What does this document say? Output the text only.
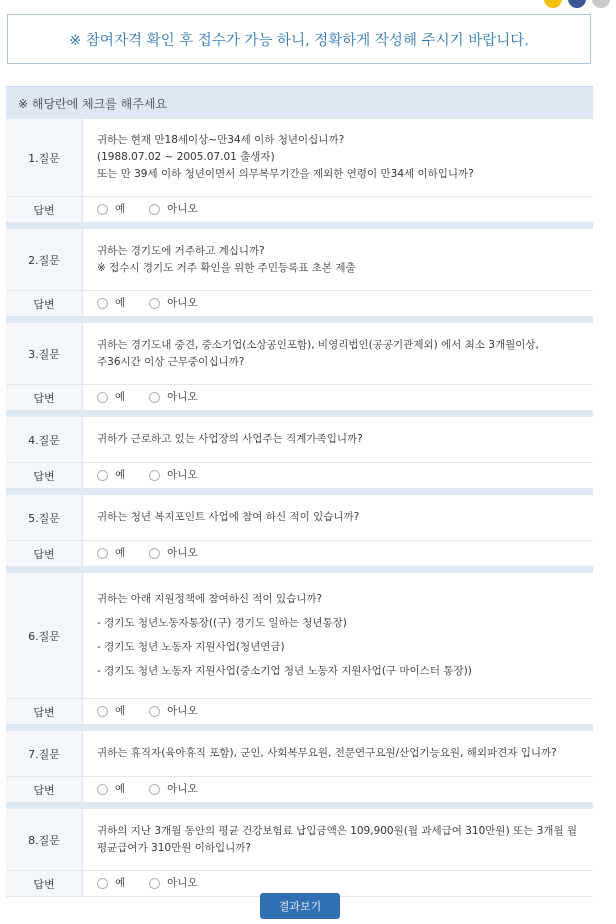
※ 참여자격 확인 후 접수가 가능 하니, 정확하게 작성해 주시기 바랍니다.
※ 해당란에 체크를 해주세요
1.질문

귀하는 현재 만18세이상~만34세 이하 청년이십니까?

(1988.07.02 ~ 2005.07.01 출생자)

또는 만 39세 이하 청년이면서 의무복무기간을 제외한 연령이 만34세 이하입니까?

답변	예	아니오
2.질문

귀하는 경기도에 거주하고 계십니까?

※ 접수시 경기도 거주 확인을 위한 주민등록표 초본 제출

답변	예	아니오
3.질문

귀하는 경기도내 중견, 중소기업(소상공인포함), 비영리법인(공공기관제외) 에서 최소 3개월이상,

주36시간 이상 근무중이십니까?

답변	예	아니오
4.질문	귀하가 근로하고 있는 사업장의 사업주는 직계가족입니까?

답변	예	아니오
5.질문	귀하는 청년 복지포인트 사업에 참여 하신 적이 있습니까?

답변	예	아니오
6.질문

귀하는 아래 지원정책에 참여하신 적이 있습니까?

- 경기도 청년노동자통장((구) 경기도 일하는 청년통장)

- 경기도 청년 노동자 지원사업(청년연금)

- 경기도 청년 노동자 지원사업(중소기업 청년 노동자 지원사업(구 마이스터 통장))

답변	예	아니오
7.질문	귀하는 휴직자(육아휴직 포함), 군인, 사회복무요원, 전문연구요원/산업기능요원, 해외파견자 입니까?

답변	예	아니오
8.질문

귀하의 지난 3개월 동안의 평균 건강보험료 납입금액은 109,900원(월 과세급여 310만원) 또는 3개월 월

평균급여가 310만원 이하입니까?

답변	예	아니오
결과보기
